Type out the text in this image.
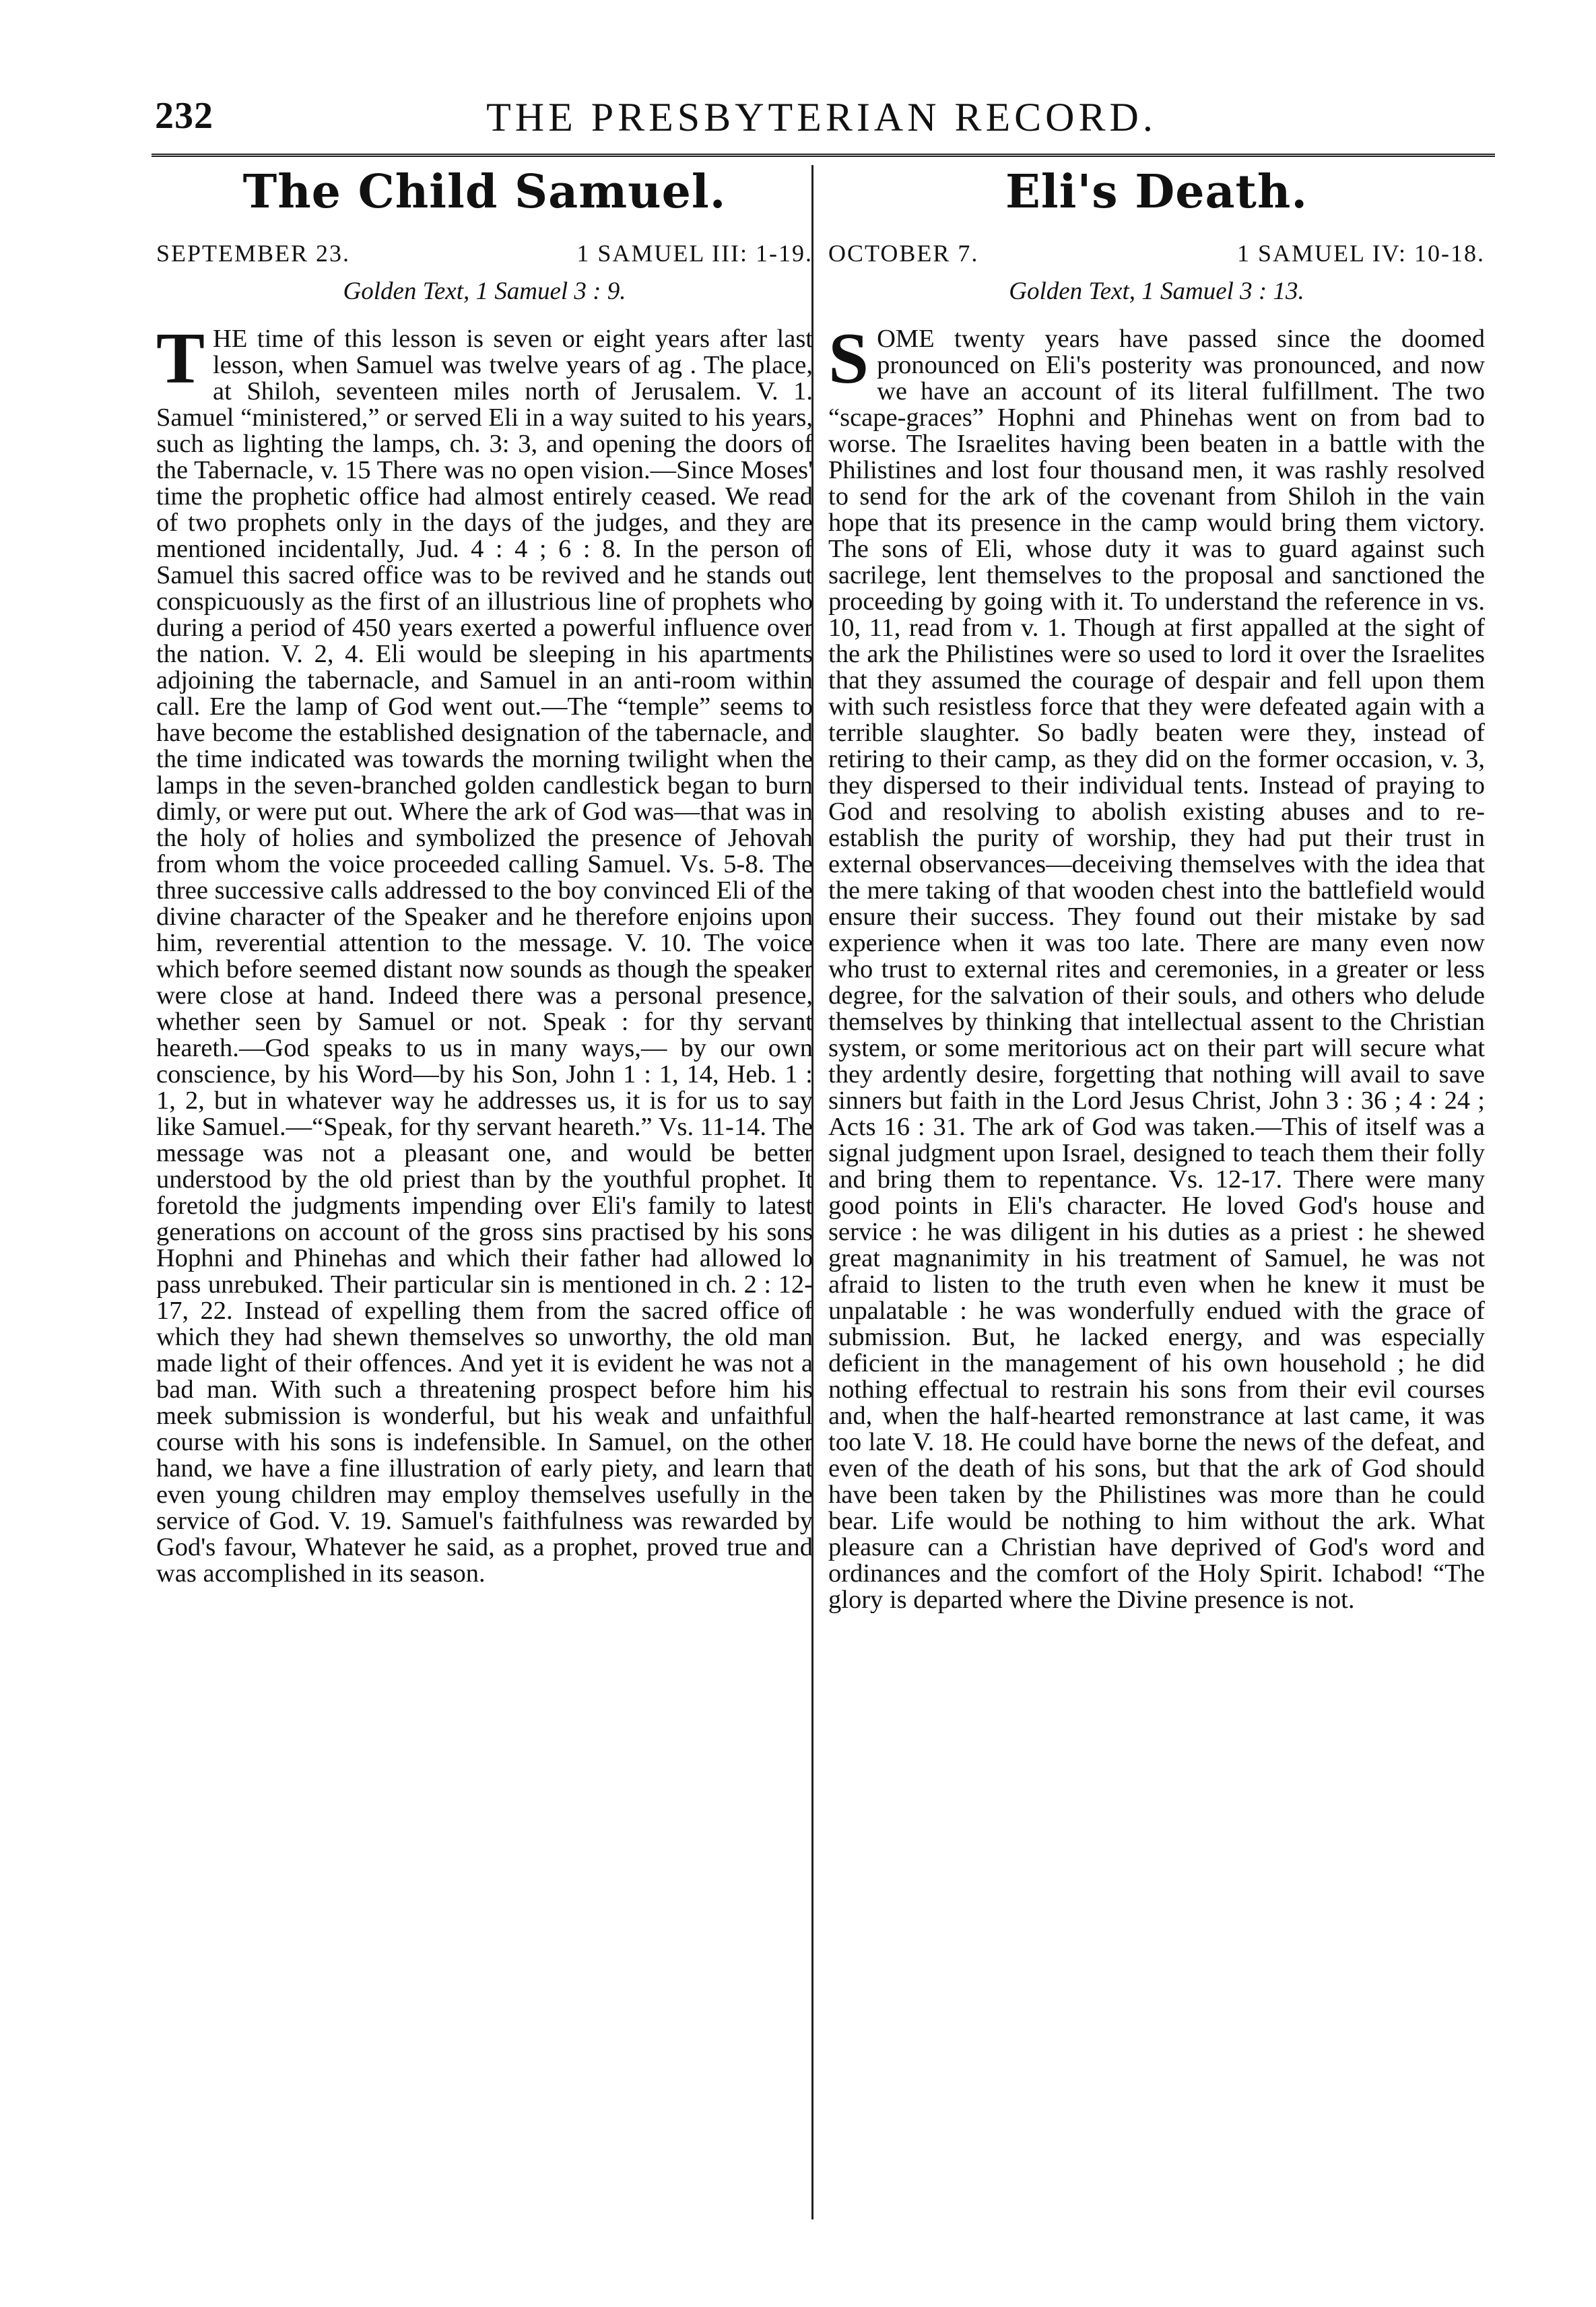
232	THE PRESBYTERIAN RECORD.
The Child Samuel.
SEPTEMBER 23.	1 SAMUEL III: 1-19.
Golden Text, 1 Samuel 3 : 9.

THE time of this lesson is seven or eight years after last lesson, when Samuel was twelve years of ag . The place, at Shiloh, seventeen miles north of Jerusalem. V. 1. Samuel “ministered,” or served Eli in a way suited to his years, such as lighting the lamps, ch. 3: 3, and opening the doors of the Tabernacle, v. 15 There was no open vision.—Since Moses' time the prophetic office had almost entirely ceased. We read of two prophets only in the days of the judges, and they are mentioned incidentally, Jud. 4 : 4 ; 6 : 8. In the person of Samuel this sacred office was to be revived and he stands out conspicuously as the first of an illustrious line of prophets who during a period of 450 years exerted a powerful influence over the nation. V. 2, 4. Eli would be sleeping in his apartments adjoining the tabernacle, and Samuel in an anti-room within call. Ere the lamp of God went out.—The “temple” seems to have become the established designation of the tabernacle, and the time indicated was towards the morning twilight when the lamps in the seven-branched golden candlestick began to burn dimly, or were put out. Where the ark of God was—that was in the holy of holies and symbolized the presence of Jehovah from whom the voice proceeded calling Samuel. Vs. 5-8. The three successive calls addressed to the boy convinced Eli of the divine character of the Speaker and he therefore enjoins upon him, reverential attention to the message. V. 10. The voice which before seemed distant now sounds as though the speaker were close at hand. Indeed there was a personal presence, whether seen by Samuel or not. Speak : for thy servant heareth.—God speaks to us in many ways,— by our own conscience, by his Word—by his Son, John 1 : 1, 14, Heb. 1 : 1, 2, but in whatever way he addresses us, it is for us to say like Samuel.—“Speak, for thy servant heareth.” Vs. 11-14. The message was not a pleasant one, and would be better understood by the old priest than by the youthful prophet. It foretold the judgments impending over Eli's family to latest generations on account of the gross sins practised by his sons Hophni and Phinehas and which their father had allowed lo pass unrebuked. Their particular sin is mentioned in ch. 2 : 12-17, 22. Instead of expelling them from the sacred office of which they had shewn themselves so unworthy, the old man made light of their offences. And yet it is evident he was not a bad man. With such a threatening prospect before him his meek submission is wonderful, but his weak and unfaithful course with his sons is indefensible. In Samuel, on the other hand, we have a fine illustration of early piety, and learn that even young children may employ themselves usefully in the service of God. V. 19. Samuel's faithfulness was rewarded by God's favour, Whatever he said, as a prophet, proved true and was accomplished in its season.

Eli's Death.
OCTOBER 7.	1 SAMUEL IV: 10-18.
Golden Text, 1 Samuel 3 : 13.

SOME twenty years have passed since the doomed pronounced on Eli's posterity was pronounced, and now we have an account of its literal fulfillment. The two “scape-graces” Hophni and Phinehas went on from bad to worse. The Israelites having been beaten in a battle with the Philistines and lost four thousand men, it was rashly resolved to send for the ark of the covenant from Shiloh in the vain hope that its presence in the camp would bring them victory. The sons of Eli, whose duty it was to guard against such sacrilege, lent themselves to the proposal and sanctioned the proceeding by going with it. To understand the reference in vs. 10, 11, read from v. 1. Though at first appalled at the sight of the ark the Philistines were so used to lord it over the Israelites that they assumed the courage of despair and fell upon them with such resistless force that they were defeated again with a terrible slaughter. So badly beaten were they, instead of retiring to their camp, as they did on the former occasion, v. 3, they dispersed to their individual tents. Instead of praying to God and resolving to abolish existing abuses and to re-establish the purity of worship, they had put their trust in external observances—deceiving themselves with the idea that the mere taking of that wooden chest into the battlefield would ensure their success. They found out their mistake by sad experience when it was too late. There are many even now who trust to external rites and ceremonies, in a greater or less degree, for the salvation of their souls, and others who delude themselves by thinking that intellectual assent to the Christian system, or some meritorious act on their part will secure what they ardently desire, forgetting that nothing will avail to save sinners but faith in the Lord Jesus Christ, John 3 : 36 ; 4 : 24 ; Acts 16 : 31. The ark of God was taken.—This of itself was a signal judgment upon Israel, designed to teach them their folly and bring them to repentance. Vs. 12-17. There were many good points in Eli's character. He loved God's house and service : he was diligent in his duties as a priest : he shewed great magnanimity in his treatment of Samuel, he was not afraid to listen to the truth even when he knew it must be unpalatable : he was wonderfully endued with the grace of submission. But, he lacked energy, and was especially deficient in the management of his own household ; he did nothing effectual to restrain his sons from their evil courses and, when the half-hearted remonstrance at last came, it was too late V. 18. He could have borne the news of the defeat, and even of the death of his sons, but that the ark of God should have been taken by the Philistines was more than he could bear. Life would be nothing to him without the ark. What pleasure can a Christian have deprived of God's word and ordinances and the comfort of the Holy Spirit. Ichabod! “The glory is departed where the Divine presence is not.
